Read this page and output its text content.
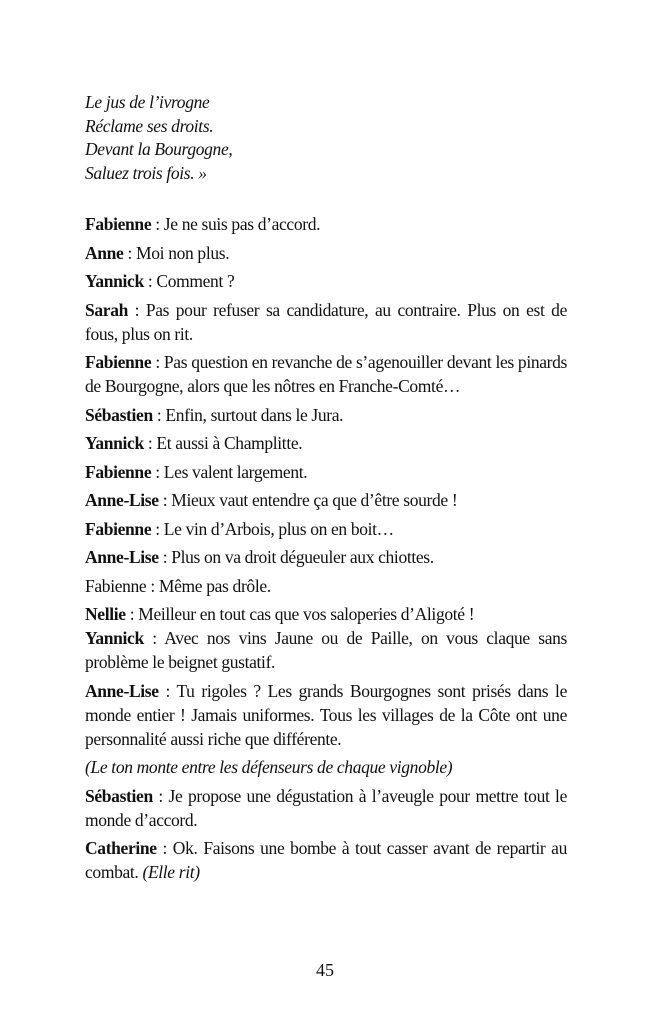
Le jus de l’ivrogne
Réclame ses droits.
Devant la Bourgogne,
Saluez trois fois. »

Fabienne : Je ne suis pas d’accord.

Anne : Moi non plus.

Yannick : Comment ?

Sarah : Pas pour refuser sa candidature, au contraire. Plus on est de fous, plus on rit.

Fabienne : Pas question en revanche de s’agenouiller devant les pinards de Bourgogne, alors que les nôtres en Franche-Comté…

Sébastien : Enfin, surtout dans le Jura.

Yannick : Et aussi à Champlitte.

Fabienne : Les valent largement.

Anne-Lise : Mieux vaut entendre ça que d’être sourde !

Fabienne : Le vin d’Arbois, plus on en boit…

Anne-Lise : Plus on va droit dégueuler aux chiottes.

Fabienne : Même pas drôle.

Nellie : Meilleur en tout cas que vos saloperies d’Aligoté !

Yannick : Avec nos vins Jaune ou de Paille, on vous claque sans problème le beignet gustatif.

Anne-Lise : Tu rigoles ? Les grands Bourgognes sont prisés dans le monde entier ! Jamais uniformes. Tous les villages de la Côte ont une personnalité aussi riche que différente.

(Le ton monte entre les défenseurs de chaque vignoble)

Sébastien : Je propose une dégustation à l’aveugle pour mettre tout le monde d’accord.

Catherine : Ok. Faisons une bombe à tout casser avant de repartir au combat. (Elle rit)

45
